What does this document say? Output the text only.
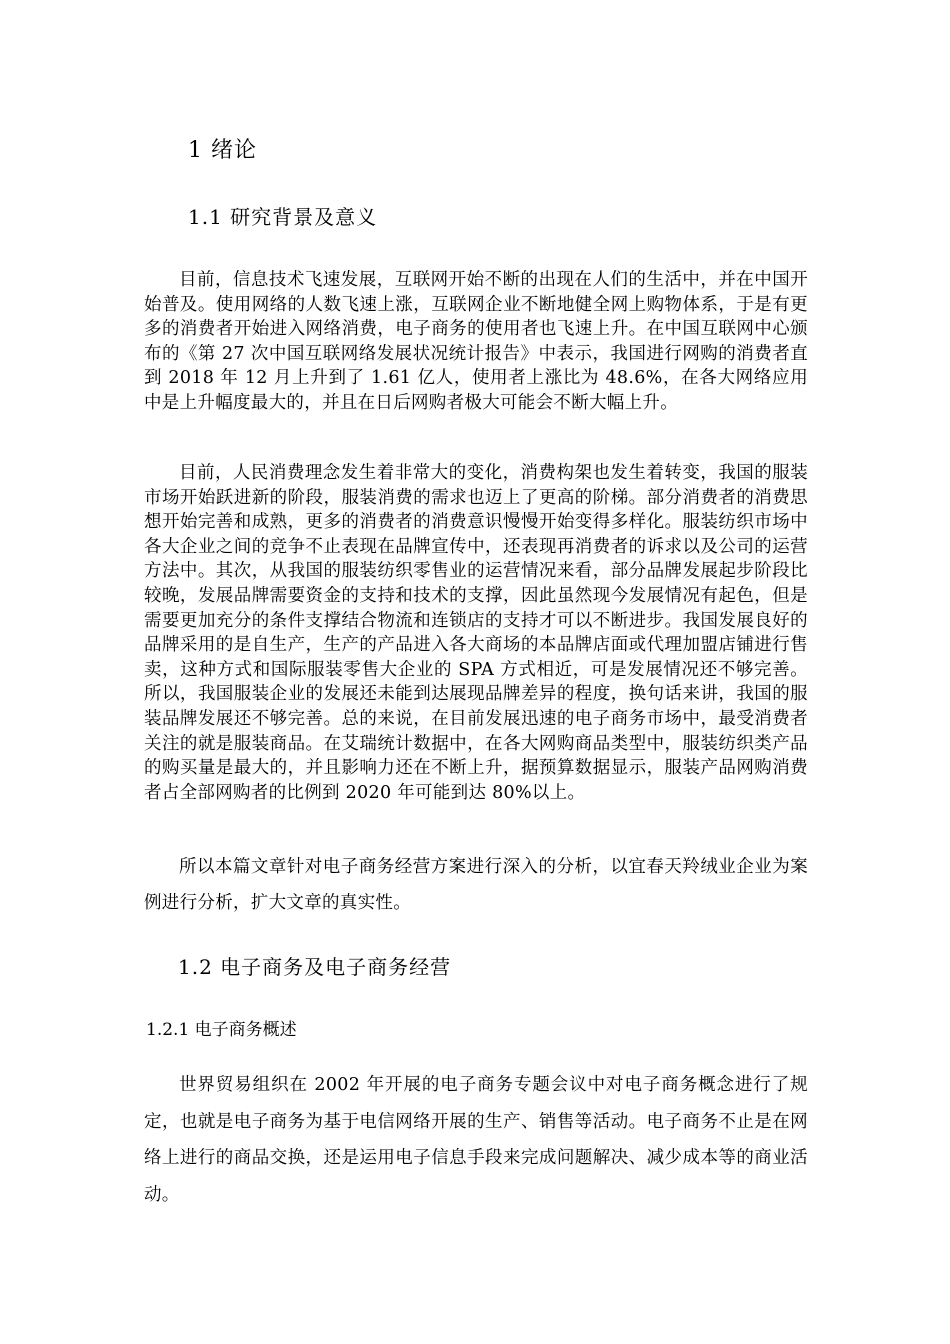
1 绪论
1.1 研究背景及意义

目前，信息技术飞速发展，互联网开始不断的出现在人们的生活中，并在中国开始普及。使用网络的人数飞速上涨，互联网企业不断地健全网上购物体系，于是有更多的消费者开始进入网络消费，电子商务的使用者也飞速上升。在中国互联网中心颁布的《第 27 次中国互联网络发展状况统计报告》中表示，我国进行网购的消费者直到 2018 年 12 月上升到了 1.61 亿人，使用者上涨比为 48.6%，在各大网络应用中是上升幅度最大的，并且在日后网购者极大可能会不断大幅上升。

目前，人民消费理念发生着非常大的变化，消费构架也发生着转变，我国的服装市场开始跃进新的阶段，服装消费的需求也迈上了更高的阶梯。部分消费者的消费思想开始完善和成熟，更多的消费者的消费意识慢慢开始变得多样化。服装纺织市场中各大企业之间的竞争不止表现在品牌宣传中，还表现再消费者的诉求以及公司的运营方法中。其次，从我国的服装纺织零售业的运营情况来看，部分品牌发展起步阶段比较晚，发展品牌需要资金的支持和技术的支撑，因此虽然现今发展情况有起色，但是需要更加充分的条件支撑结合物流和连锁店的支持才可以不断进步。我国发展良好的品牌采用的是自生产，生产的产品进入各大商场的本品牌店面或代理加盟店铺进行售卖，这种方式和国际服装零售大企业的 SPA 方式相近，可是发展情况还不够完善。所以，我国服装企业的发展还未能到达展现品牌差异的程度，换句话来讲，我国的服装品牌发展还不够完善。总的来说，在目前发展迅速的电子商务市场中，最受消费者关注的就是服装商品。在艾瑞统计数据中，在各大网购商品类型中，服装纺织类产品的购买量是最大的，并且影响力还在不断上升，据预算数据显示，服装产品网购消费者占全部网购者的比例到 2020 年可能到达 80%以上。

所以本篇文章针对电子商务经营方案进行深入的分析，以宜春天羚绒业企业为案例进行分析，扩大文章的真实性。

1.2 电子商务及电子商务经营
1.2.1 电子商务概述

世界贸易组织在 2002 年开展的电子商务专题会议中对电子商务概念进行了规定，也就是电子商务为基于电信网络开展的生产、销售等活动。电子商务不止是在网络上进行的商品交换，还是运用电子信息手段来完成问题解决、减少成本等的商业活动。
